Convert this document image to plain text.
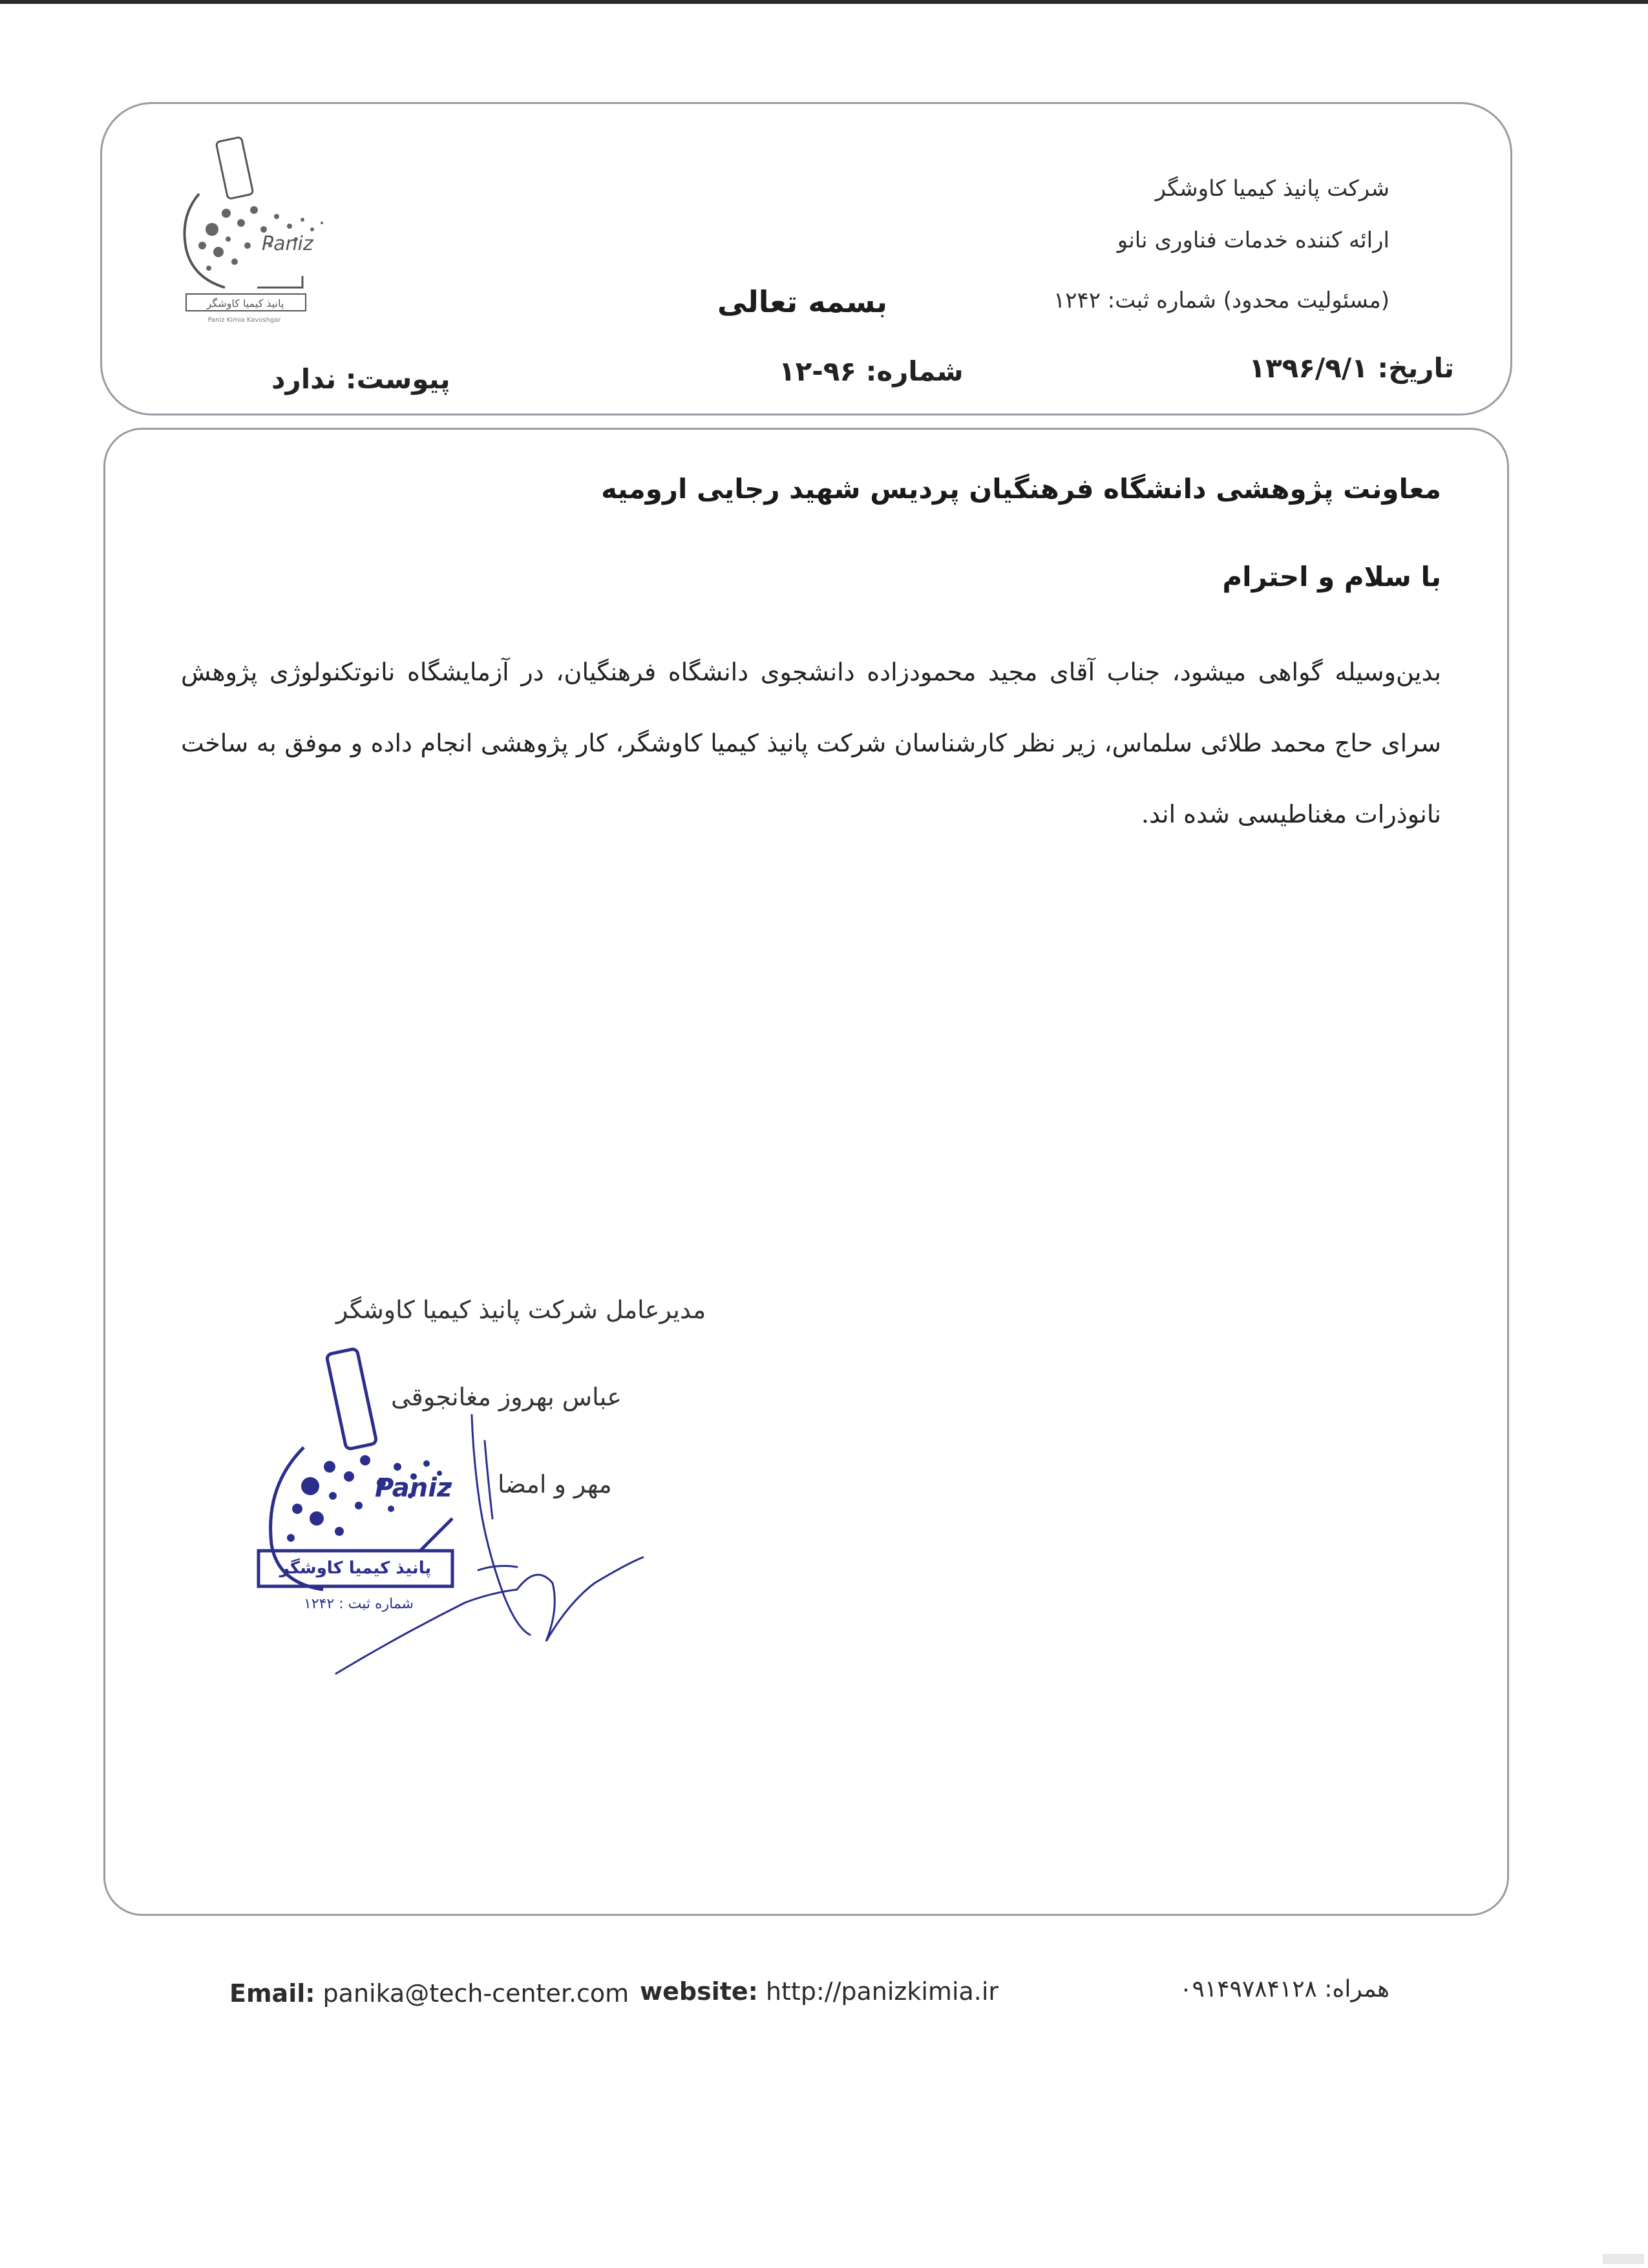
Paniz
پانیذ کیمیا کاوشگر
Paniz Kimia Kavoshgar
شرکت پانیذ کیمیا کاوشگر
ارائه کننده خدمات فناوری نانو
(مسئولیت محدود) شماره ثبت: ۱۲۴۲
بسمه تعالی
تاریخ: ۱۳۹۶/۹/۱
شماره: ۹۶-۱۲
پیوست: ندارد
معاونت پژوهشی دانشگاه فرهنگیان پردیس شهید رجایی ارومیه
با سلام و احترام
بدین‌وسیله گواهی میشود، جناب آقای مجید محمودزاده دانشجوی دانشگاه فرهنگیان، در آزمایشگاه نانوتکنولوژی پژوهش سرای حاج محمد طلائی سلماس، زیر نظر کارشناسان شرکت پانیذ کیمیا کاوشگر، کار پژوهشی انجام داده و موفق به ساخت نانوذرات مغناطیسی شده اند.
مدیرعامل شرکت پانیذ کیمیا کاوشگر
عباس بهروز مغانجوقی
مهر و امضا
Paniz
پانیذ کیمیا کاوشگر
شماره ثبت : ۱۲۴۲
Email: panika@tech-center.com website: http://panizkimia.ir	همراه: ۰۹۱۴۹۷۸۴۱۲۸
